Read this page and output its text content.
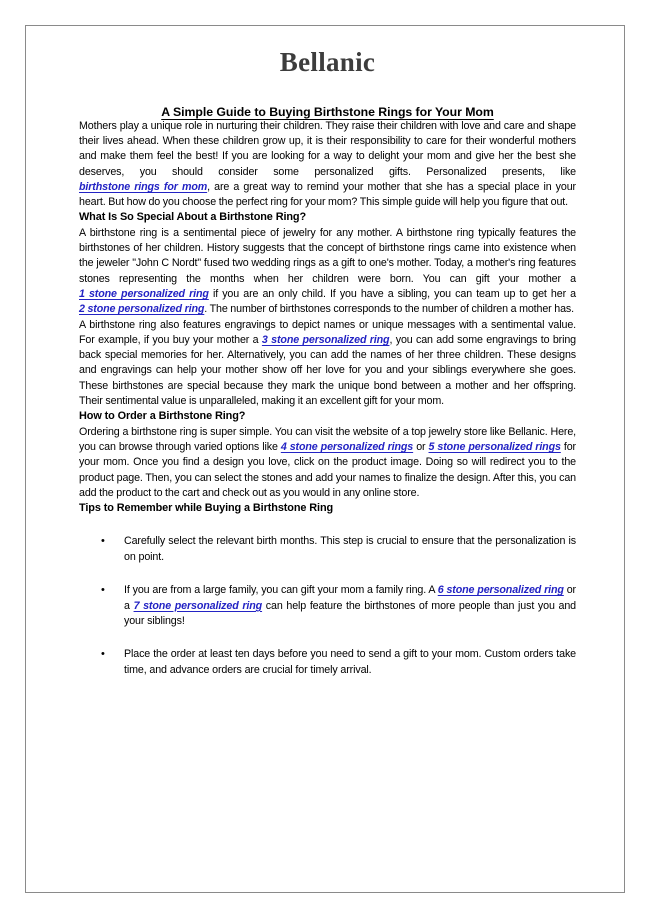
Bellanic
A Simple Guide to Buying Birthstone Rings for Your Mom

Mothers play a unique role in nurturing their children. They raise their children with love and care and shape their lives ahead. When these children grow up, it is their responsibility to care for their wonderful mothers and make them feel the best! If you are looking for a way to delight your mom and give her the best she deserves, you should consider some personalized gifts. Personalized presents, like birthstone rings for mom, are a great way to remind your mother that she has a special place in your heart. But how do you choose the perfect ring for your mom? This simple guide will help you figure that out.

What Is So Special About a Birthstone Ring?

A birthstone ring is a sentimental piece of jewelry for any mother. A birthstone ring typically features the birthstones of her children. History suggests that the concept of birthstone rings came into existence when the jeweler "John C Nordt" fused two wedding rings as a gift to one's mother. Today, a mother's ring features stones representing the months when her children were born. You can gift your mother a 1 stone personalized ring if you are an only child. If you have a sibling, you can team up to get her a 2 stone personalized ring. The number of birthstones corresponds to the number of children a mother has.

A birthstone ring also features engravings to depict names or unique messages with a sentimental value. For example, if you buy your mother a 3 stone personalized ring, you can add some engravings to bring back special memories for her. Alternatively, you can add the names of her three children. These designs and engravings can help your mother show off her love for you and your siblings everywhere she goes. These birthstones are special because they mark the unique bond between a mother and her offspring. Their sentimental value is unparalleled, making it an excellent gift for your mom.

How to Order a Birthstone Ring?

Ordering a birthstone ring is super simple. You can visit the website of a top jewelry store like Bellanic. Here, you can browse through varied options like 4 stone personalized rings or 5 stone personalized rings for your mom. Once you find a design you love, click on the product image. Doing so will redirect you to the product page. Then, you can select the stones and add your names to finalize the design. After this, you can add the product to the cart and check out as you would in any online store.

Tips to Remember while Buying a Birthstone Ring
• Carefully select the relevant birth months. This step is crucial to ensure that the personalization is on point.
• If you are from a large family, you can gift your mom a family ring. A 6 stone personalized ring or a 7 stone personalized ring can help feature the birthstones of more people than just you and your siblings!
• Place the order at least ten days before you need to send a gift to your mom. Custom orders take time, and advance orders are crucial for timely arrival.
